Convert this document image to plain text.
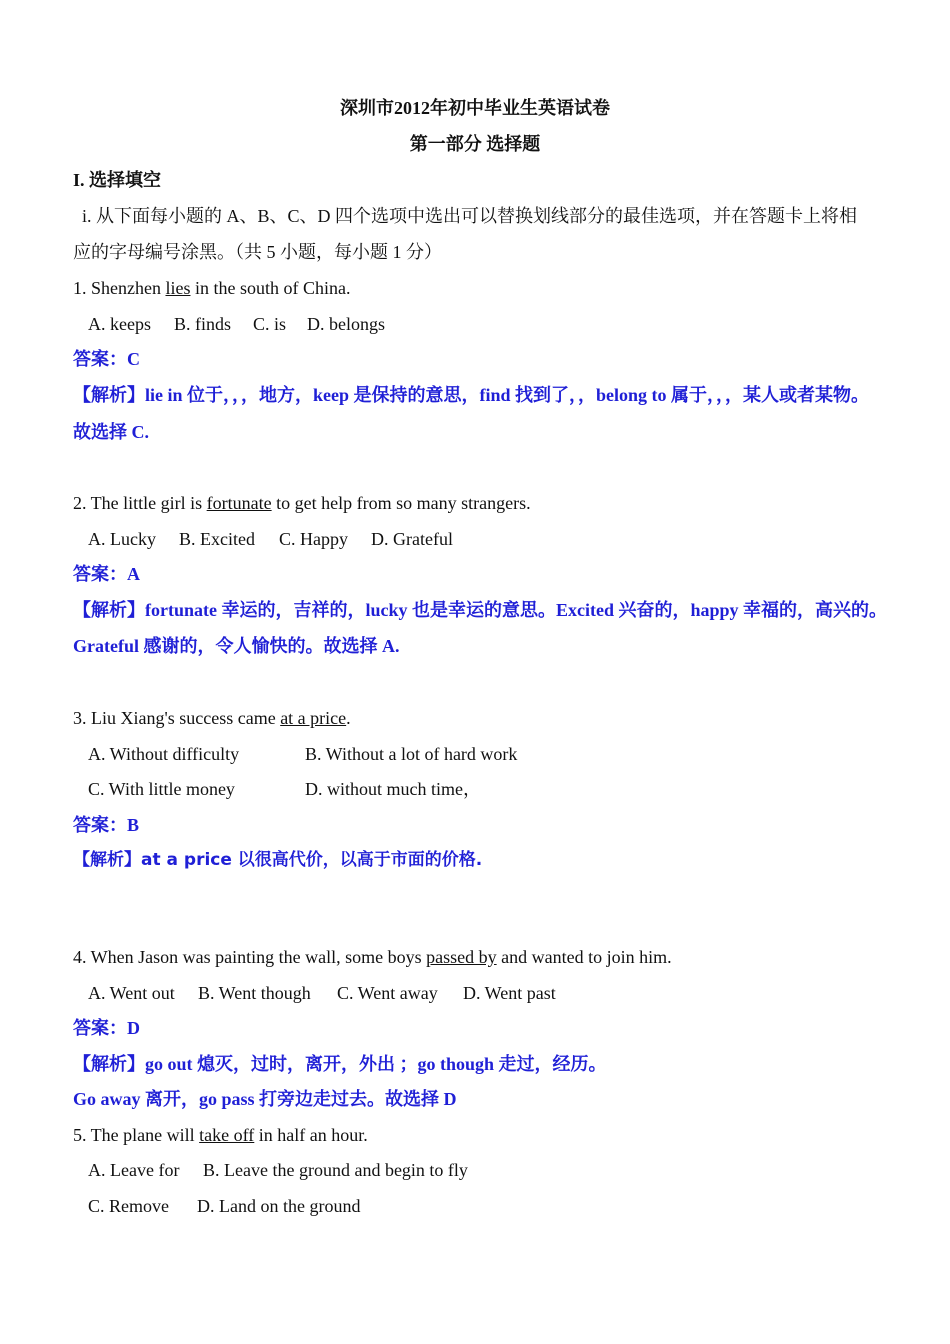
深圳市2012年初中毕业生英语试卷
第一部分 选择题
I. 选择填空
i. 从下面每小题的 A、B、C、D 四个选项中选出可以替换划线部分的最佳选项，并在答题卡上将相
应的字母编号涂黑。（共 5 小题，每小题 1 分）
1. Shenzhen lies in the south of China.
A. keeps B. finds C. is D. belongs
答案：C
【解析】lie in 位于，，，地方，keep 是保持的意思，find 找到了，，belong to 属于，，，某人或者某物。
故选择 C.
2. The little girl is fortunate to get help from so many strangers.
A. Lucky B. Excited C. Happy D. Grateful
答案：A
【解析】fortunate 幸运的，吉祥的，lucky 也是幸运的意思。Excited 兴奋的，happy 幸福的，高兴的。
Grateful 感谢的，令人愉快的。故选择 A.
3. Liu Xiang's success came at a price.
A. Without difficulty	B. Without a lot of hard work
C. With little money	D. without much time，
答案：B
【解析】at a price 以很高代价，以高于市面的价格.
4. When Jason was painting the wall, some boys passed by and wanted to join him.
A. Went out B. Went though C. Went away D. Went past
答案：D
【解析】go out 熄灭，过时，离开，外出 ；go though 走过，经历。
Go away 离开，go pass 打旁边走过去。故选择 D
5. The plane will take off in half an hour.
A. Leave for B. Leave the ground and begin to fly
C. Remove D. Land on the ground
